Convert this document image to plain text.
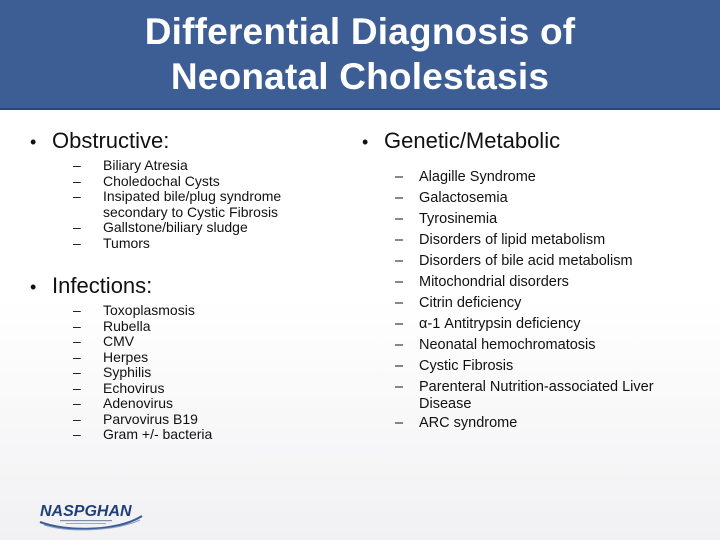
Differential Diagnosis of
Neonatal Cholestasis
• Obstructive:
–	Biliary Atresia
–	Choledochal Cysts
–	Insipated bile/plug syndrome secondary to Cystic Fibrosis
–	Gallstone/biliary sludge
–	Tumors
• Infections:
–	Toxoplasmosis
–	Rubella
–	CMV
–	Herpes
–	Syphilis
–	Echovirus
–	Adenovirus
–	Parvovirus B19
–	Gram +/- bacteria
• Genetic/Metabolic
–	Alagille Syndrome
–	Galactosemia
–	Tyrosinemia
–	Disorders of lipid metabolism
–	Disorders of bile acid metabolism
–	Mitochondrial disorders
–	Citrin deficiency
–	α-1 Antitrypsin deficiency
–	Neonatal hemochromatosis
–	Cystic Fibrosis
–	Parenteral Nutrition-associated Liver Disease
–	ARC syndrome
NASPGHAN
